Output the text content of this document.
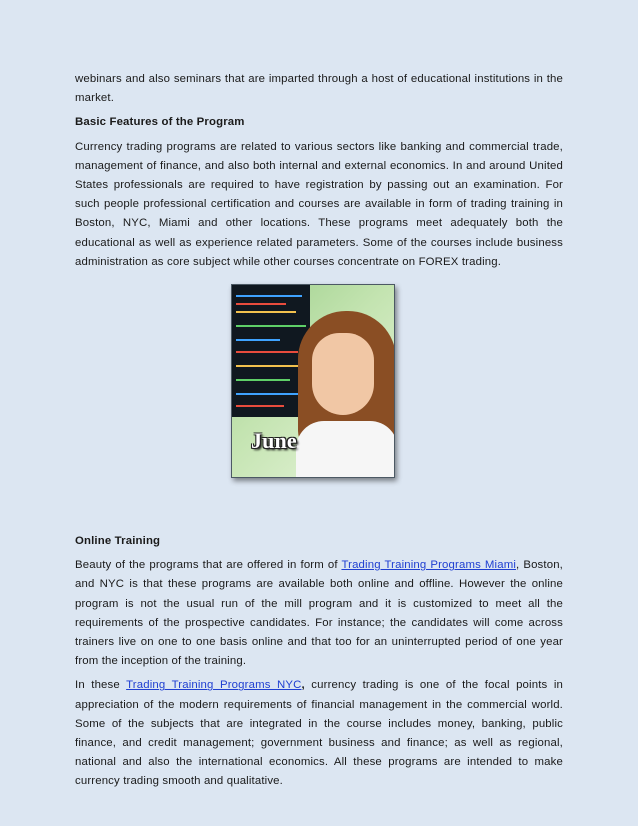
webinars and also seminars that are imparted through a host of educational institutions in the market.

Basic Features of the Program

Currency trading programs are related to various sectors like banking and commercial trade, management of finance, and also both internal and external economics. In and around United States professionals are required to have registration by passing out an examination. For such people professional certification and courses are available in form of trading training in Boston, NYC, Miami and other locations. These programs meet adequately both the educational as well as experience related parameters. Some of the courses include business administration as core subject while other courses concentrate on FOREX trading.

June
Online Training

Beauty of the programs that are offered in form of Trading Training Programs Miami, Boston, and NYC is that these programs are available both online and offline. However the online program is not the usual run of the mill program and it is customized to meet all the requirements of the prospective candidates. For instance; the candidates will come across trainers live on one to one basis online and that too for an uninterrupted period of one year from the inception of the training.

In these Trading Training Programs NYC, currency trading is one of the focal points in appreciation of the modern requirements of financial management in the commercial world. Some of the subjects that are integrated in the course includes money, banking, public finance, and credit management; government business and finance; as well as regional, national and also the international economics. All these programs are intended to make currency trading smooth and qualitative.
